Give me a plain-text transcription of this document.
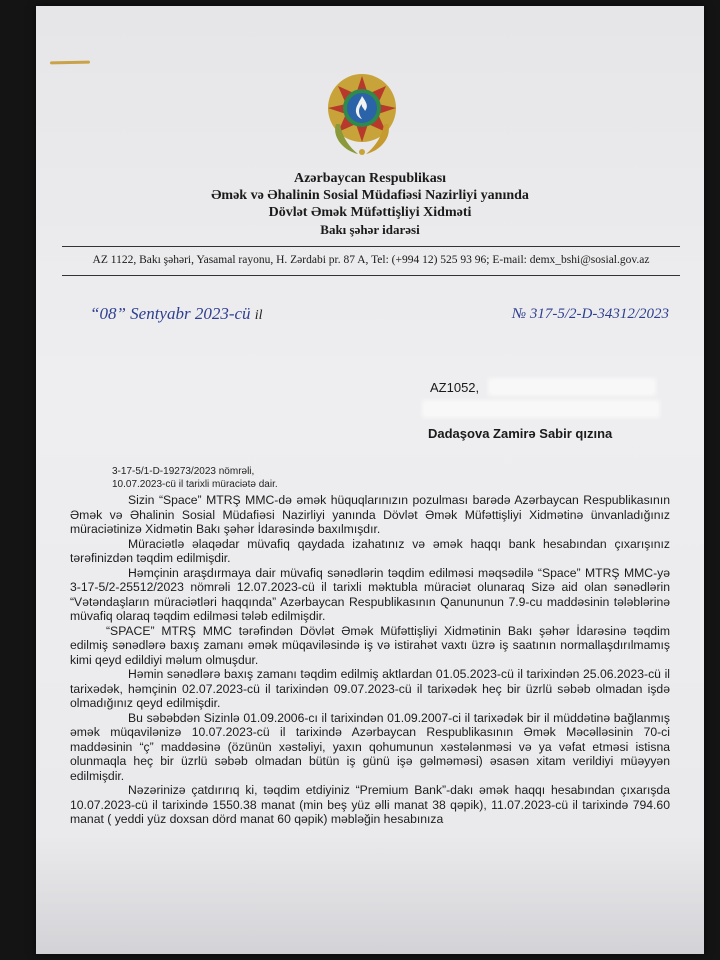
Azərbaycan Respublikası
Əmək və Əhalinin Sosial Müdafiəsi Nazirliyi yanında
Dövlət Əmək Müfəttişliyi Xidməti
Bakı şəhər idarəsi
AZ 1122, Bakı şəhəri, Yasamal rayonu, H. Zərdabi pr. 87 A, Tel: (+994 12) 525 93 96; E-mail: demx_bshi@sosial.gov.az
“08” Sentyabr 2023-cü il	№ 317-5/2-D-34312/2023
AZ1052,
Dadaşova Zamirə Sabir qızına
3-17-5/1-D-19273/2023 nömrəli,
10.07.2023-cü il tarixli müraciətə dair.

Sizin “Space” MTRŞ MMC-də əmək hüquqlarınızın pozulması barədə Azərbaycan Respublikasının Əmək və Əhalinin Sosial Müdafiəsi Nazirliyi yanında Dövlət Əmək Müfəttişliyi Xidmətinə ünvanladığınız müraciətinizə Xidmətin Bakı şəhər İdarəsində baxılmışdır.

Müraciətlə əlaqədar müvafiq qaydada izahatınız və əmək haqqı bank hesabından çıxarışınız tərəfinizdən təqdim edilmişdir.

Həmçinin araşdırmaya dair müvafiq sənədlərin təqdim edilməsi məqsədilə “Space” MTRŞ MMC-yə 3-17-5/2-25512/2023 nömrəli 12.07.2023-cü il tarixli məktubla müraciət olunaraq Sizə aid olan sənədlərin “Vətəndaşların müraciətləri haqqında” Azərbaycan Respublikasının Qanununun 7.9-cu maddəsinin tələblərinə müvafiq olaraq təqdim edilməsi tələb edilmişdir.

“SPACE” MTRŞ MMC tərəfindən Dövlət Əmək Müfəttişliyi Xidmətinin Bakı şəhər İdarəsinə təqdim edilmiş sənədlərə baxış zamanı əmək müqaviləsində iş və istirahət vaxtı üzrə iş saatının normallaşdırılmamış kimi qeyd edildiyi məlum olmuşdur.

Həmin sənədlərə baxış zamanı təqdim edilmiş aktlardan 01.05.2023-cü il tarixindən 25.06.2023-cü il tarixədək, həmçinin 02.07.2023-cü il tarixindən 09.07.2023-cü il tarixədək heç bir üzrlü səbəb olmadan işdə olmadığınız qeyd edilmişdir.

Bu səbəbdən Sizinlə 01.09.2006-cı il tarixindən 01.09.2007-ci il tarixədək bir il müddətinə bağlanmış əmək müqavilənizə 10.07.2023-cü il tarixində Azərbaycan Respublikasının Əmək Məcəlləsinin 70-ci maddəsinin “ç” maddəsinə (özünün xəstəliyi, yaxın qohumunun xəstələnməsi və ya vəfat etməsi istisna olunmaqla heç bir üzrlü səbəb olmadan bütün iş günü işə gəlməməsi) əsasən xitam verildiyi müəyyən edilmişdir.

Nəzərinizə çatdırırıq ki, təqdim etdiyiniz “Premium Bank”-dakı əmək haqqı hesabından çıxarışda 10.07.2023-cü il tarixində 1550.38 manat (min beş yüz əlli manat 38 qəpik), 11.07.2023-cü il tarixində 794.60 manat ( yeddi yüz doxsan dörd manat 60 qəpik) məbləğin hesabınıza
